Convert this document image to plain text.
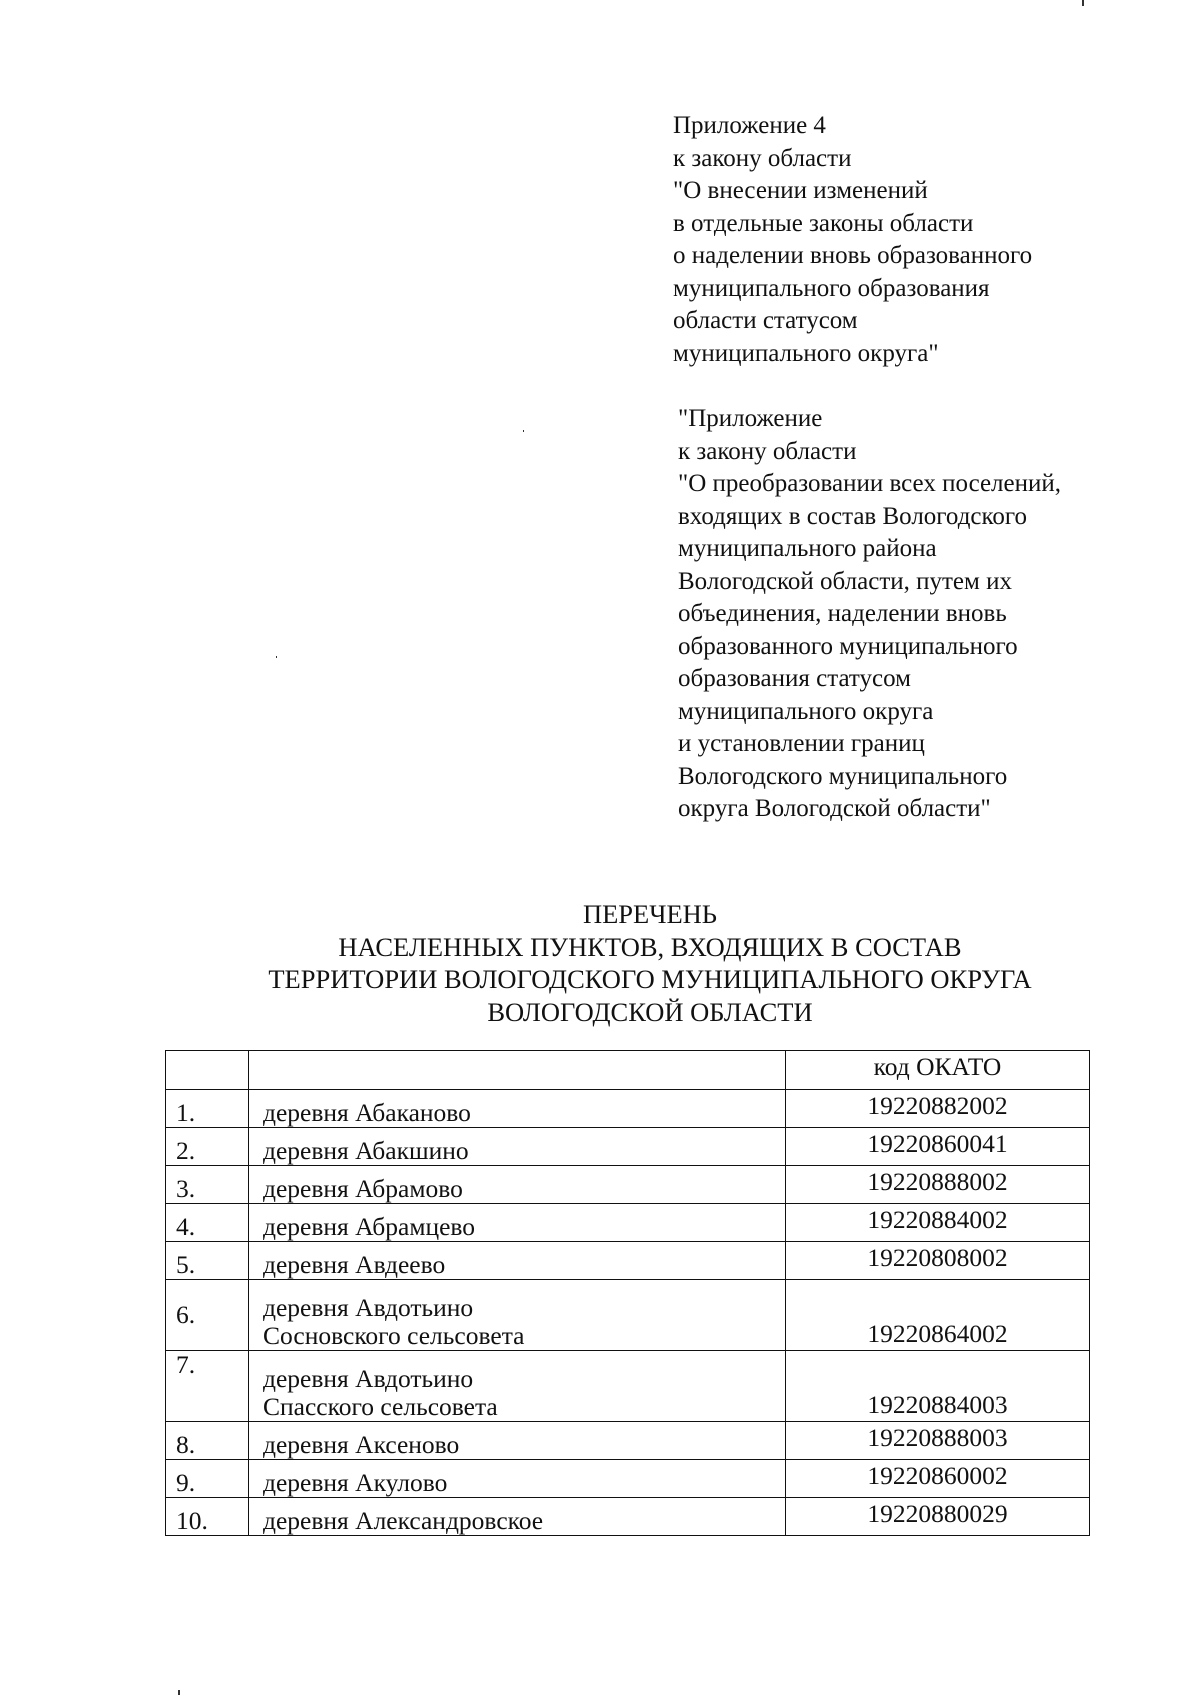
Приложение 4
к закону области
"О внесении изменений
в отдельные законы области
о наделении вновь образованного
муниципального образования
области статусом
муниципального округа"
"Приложение
к закону области
"О преобразовании всех поселений,
входящих в состав Вологодского
муниципального района
Вологодской области, путем их
объединения, наделении вновь
образованного муниципального
образования статусом
муниципального округа
и установлении границ
Вологодского муниципального
округа Вологодской области"
ПЕРЕЧЕНЬ
НАСЕЛЕННЫХ ПУНКТОВ, ВХОДЯЩИХ В СОСТАВ
ТЕРРИТОРИИ ВОЛОГОДСКОГО МУНИЦИПАЛЬНОГО ОКРУГА
ВОЛОГОДСКОЙ ОБЛАСТИ
		код ОКАТО
1.	деревня Абаканово	19220882002
2.	деревня Абакшино	19220860041
3.	деревня Абрамово	19220888002
4.	деревня Абрамцево	19220884002
5.	деревня Авдеево	19220808002
6.	деревня Авдотьино
Сосновского сельсовета	19220864002
7.	деревня Авдотьино
Спасского сельсовета	19220884003
8.	деревня Аксеново	19220888003
9.	деревня Акулово	19220860002
10.	деревня Александровское	19220880029
